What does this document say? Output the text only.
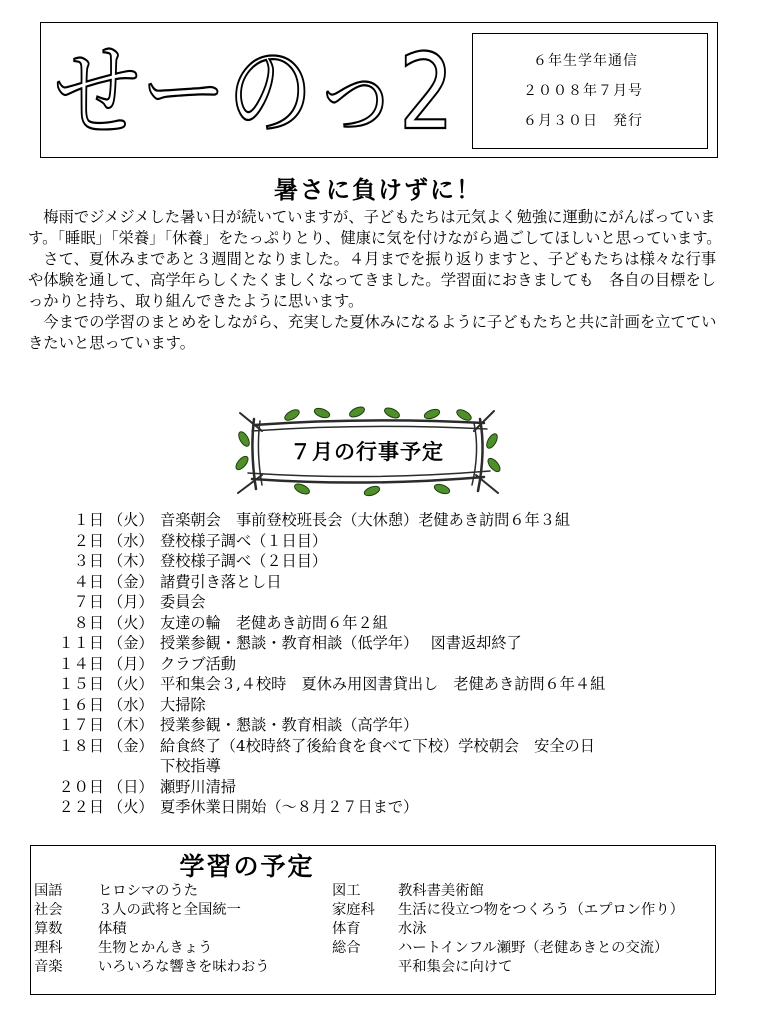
せーのっ2	６年生学年通信
２００８年７月号
６月３０日　発行
暑さに負けずに！

梅雨でジメジメした暑い日が続いていますが、子どもたちは元気よく勉強に運動にがんばっています。「睡眠」「栄養」「休養」をたっぷりとり、健康に気を付けながら過ごしてほしいと思っています。

さて、夏休みまであと３週間となりました。４月までを振り返りますと、子どもたちは様々な行事や体験を通して、高学年らしくたくましくなってきました。学習面におきましても　各自の目標をしっかりと持ち、取り組んできたように思います。

今までの学習のまとめをしながら、充実した夏休みになるように子どもたちと共に計画を立てていきたいと思っています。

７月の行事予定
１日 （火） 音楽朝会　事前登校班長会（大休憩）老健あき訪問６年３組
２日 （水） 登校様子調べ（１日目）
３日 （木） 登校様子調べ（２日目）
４日 （金） 諸費引き落とし日
７日 （月） 委員会
８日 （火） 友達の輪　老健あき訪問６年２組
１１日 （金） 授業参観・懇談・教育相談（低学年）　 図書返却終了
１４日 （月） クラブ活動
１５日 （火） 平和集会３,４校時　夏休み用図書貸出し　老健あき訪問６年４組
１６日 （水） 大掃除
１７日 （木） 授業参観・懇談・教育相談（高学年）
１８日 （金） 給食終了（4校時終了後給食を食べて下校）学校朝会　安全の日
下校指導
２０日 （日） 瀬野川清掃
２２日 （火） 夏季休業日開始（～８月２７日まで）
学習の予定
国語 ヒロシマのうた
社会 ３人の武将と全国統一
算数 体積
理科 生物とかんきょう
音楽 いろいろな響きを味わおう
図工	教科書美術館
家庭科 生活に役立つ物をつくろう（エプロン作り）
体育	水泳
総合	ハートインフル瀬野（老健あきとの交流）
平和集会に向けて
